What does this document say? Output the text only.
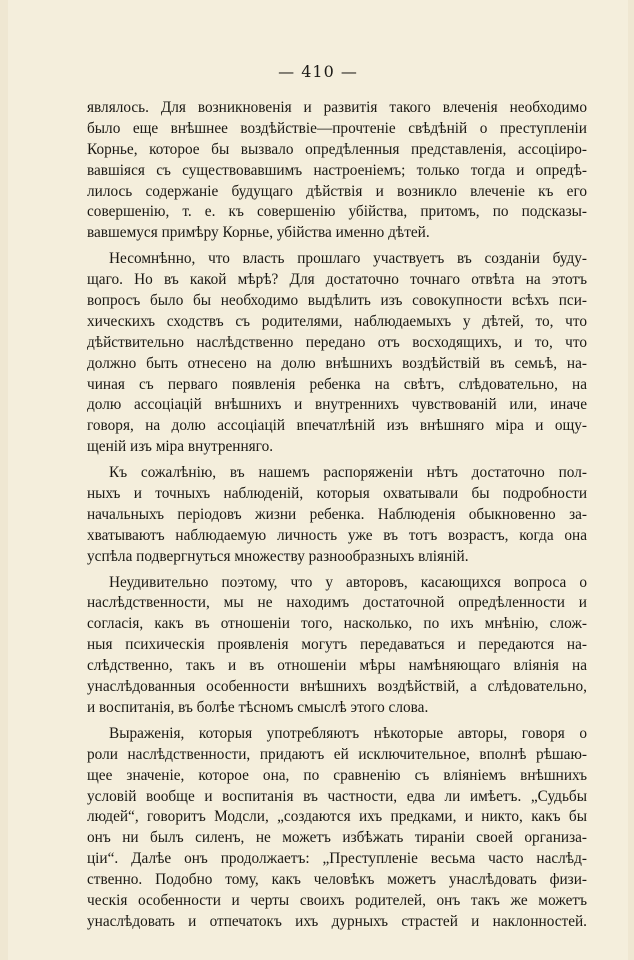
— 410 —
являлось. Для возникновенія и развитія такого влеченія необходимо
было еще внѣшнее воздѣйствіе—прочтеніе свѣдѣній о преступленіи
Корнье, которое бы вызвало опредѣленныя представленія, ассоціиро-
вавшіяся съ существовавшимъ настроеніемъ; только тогда и опредѣ-
лилось содержаніе будущаго дѣйствія и возникло влеченіе къ его
совершенію, т. е. къ совершенію убійства, притомъ, по подсказы-
вавшемуся примѣру Корнье, убійства именно дѣтей.
Несомнѣнно, что власть прошлаго участвуетъ въ созданіи буду-
щаго. Но въ какой мѣрѣ? Для достаточно точнаго отвѣта на этотъ
вопросъ было бы необходимо выдѣлить изъ совокупности всѣхъ пси-
хическихъ сходствъ съ родителями, наблюдаемыхъ у дѣтей, то, что
дѣйствительно наслѣдственно передано отъ восходящихъ, и то, что
должно быть отнесено на долю внѣшнихъ воздѣйствій въ семьѣ, на-
чиная съ перваго появленія ребенка на свѣтъ, слѣдовательно, на
долю ассоціацій внѣшнихъ и внутреннихъ чувствованій или, иначе
говоря, на долю ассоціацій впечатлѣній изъ внѣшняго міра и ощу-
щеній изъ міра внутренняго.
Къ сожалѣнію, въ нашемъ распоряженіи нѣтъ достаточно пол-
ныхъ и точныхъ наблюденій, которыя охватывали бы подробности
начальныхъ періодовъ жизни ребенка. Наблюденія обыкновенно за-
хватываютъ наблюдаемую личность уже въ тотъ возрастъ, когда она
успѣла подвергнуться множеству разнообразныхъ вліяній.
Неудивительно поэтому, что у авторовъ, касающихся вопроса о
наслѣдственности, мы не находимъ достаточной опредѣленности и
согласія, какъ въ отношеніи того, насколько, по ихъ мнѣнію, слож-
ныя психическія проявленія могутъ передаваться и передаются на-
слѣдственно, такъ и въ отношеніи мѣры намѣняющаго вліянія на
унаслѣдованныя особенности внѣшнихъ воздѣйствій, а слѣдовательно,
и воспитанія, въ болѣе тѣсномъ смыслѣ этого слова.
Выраженія, которыя употребляютъ нѣкоторые авторы, говоря о
роли наслѣдственности, придаютъ ей исключительное, вполнѣ рѣшаю-
щее значеніе, которое она, по сравненію съ вліяніемъ внѣшнихъ
условій вообще и воспитанія въ частности, едва ли имѣетъ. „Судьбы
людей“, говоритъ Модсли, „создаются ихъ предками, и никто, какъ бы
онъ ни былъ силенъ, не можетъ избѣжать тираніи своей организа-
ціи“. Далѣе онъ продолжаетъ: „Преступленіе весьма часто наслѣд-
ственно. Подобно тому, какъ человѣкъ можетъ унаслѣдовать физи-
ческія особенности и черты своихъ родителей, онъ такъ же можетъ
унаслѣдовать и отпечатокъ ихъ дурныхъ страстей и наклонностей.
